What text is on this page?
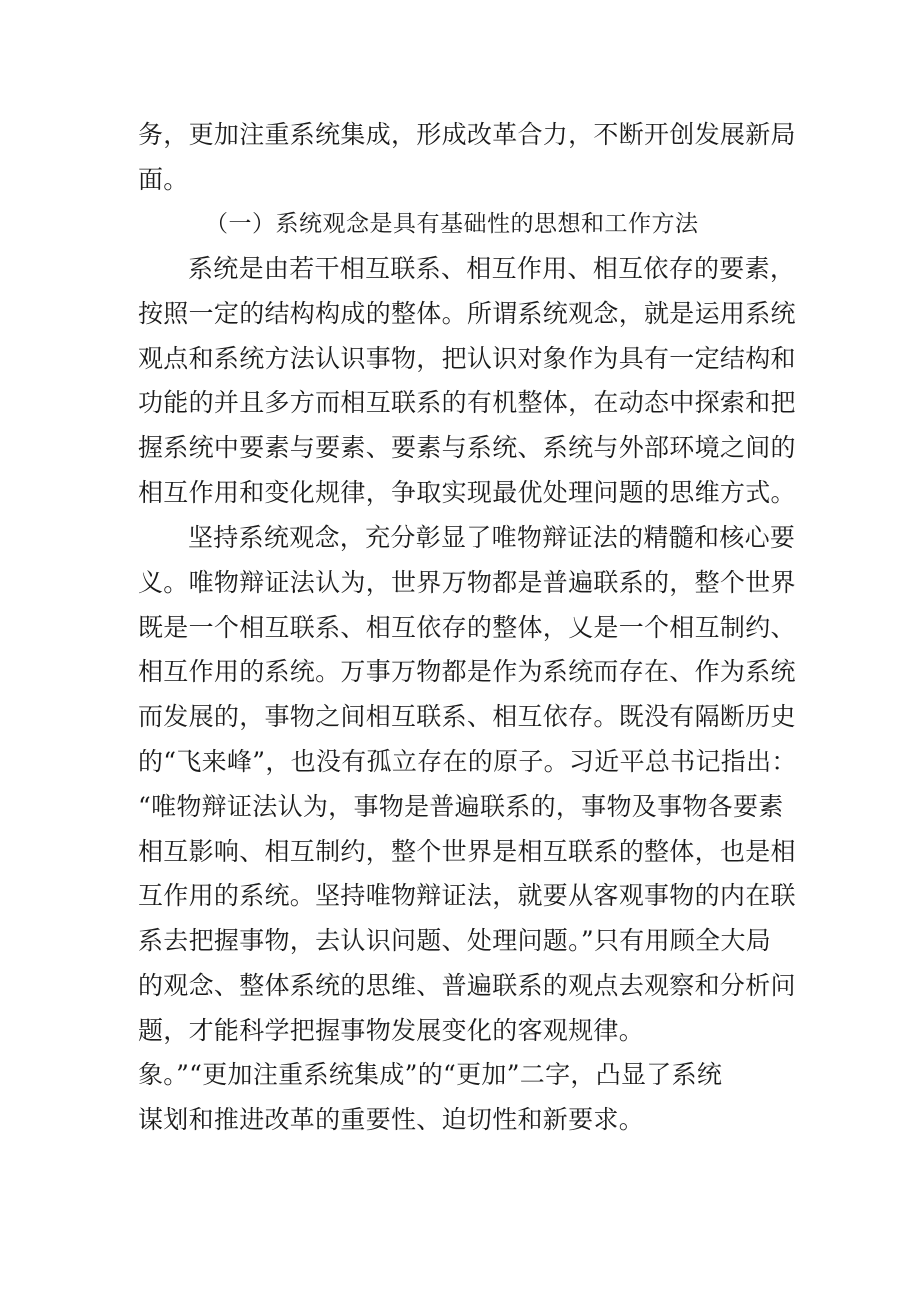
务，更加注重系统集成，形成改革合力，不断开创发展新局
面。
（一）系统观念是具有基础性的思想和工作方法
系统是由若干相互联系、相互作用、相互依存的要素，
按照一定的结构构成的整体。所谓系统观念，就是运用系统
观点和系统方法认识事物，把认识对象作为具有一定结构和
功能的并且多方而相互联系的有机整体，在动态中探索和把
握系统中要素与要素、要素与系统、系统与外部环境之间的
相互作用和变化规律，争取实现最优处理问题的思维方式。
坚持系统观念，充分彰显了唯物辩证法的精髓和核心要
义。唯物辩证法认为，世界万物都是普遍联系的，整个世界
既是一个相互联系、相互依存的整体，乂是一个相互制约、
相互作用的系统。万事万物都是作为系统而存在、作为系统
而发展的，事物之间相互联系、相互依存。既没有隔断历史
的“飞来峰”，也没有孤立存在的原子。习近平总书记指出：
“唯物辩证法认为，事物是普遍联系的，事物及事物各要素
相互影响、相互制约，整个世界是相互联系的整体，也是相
互作用的系统。坚持唯物辩证法，就要从客观事物的内在联
系去把握事物，去认识问题、处理问题。”只有用顾全大局
的观念、整体系统的思维、普遍联系的观点去观察和分析问
题，才能科学把握事物发展变化的客观规律。
象。”“更加注重系统集成”的“更加”二字，凸显了系统
谋划和推进改革的重要性、迫切性和新要求。
